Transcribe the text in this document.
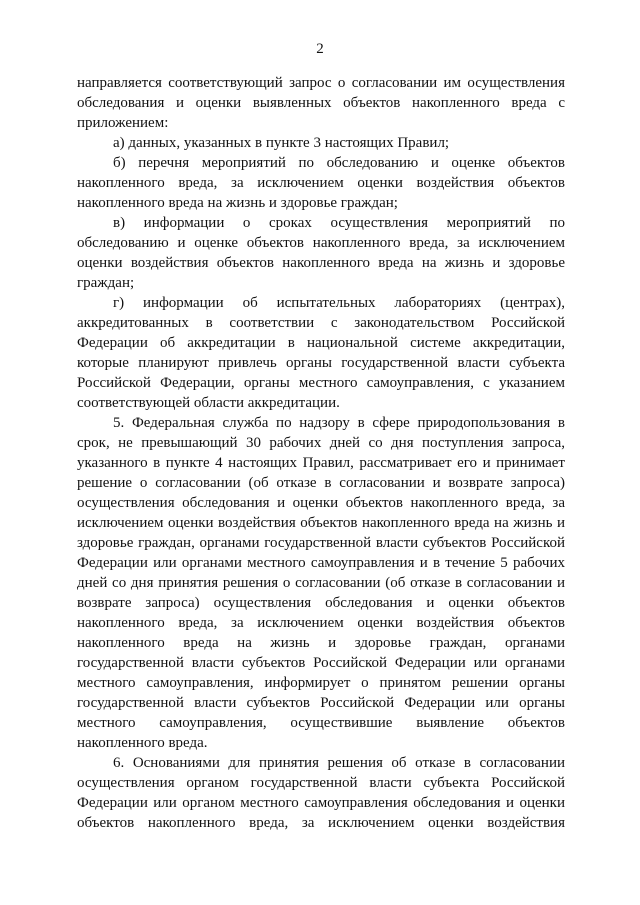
2

направляется соответствующий запрос о согласовании им осуществления обследования и оценки выявленных объектов накопленного вреда с приложением:

а) данных, указанных в пункте 3 настоящих Правил;

б) перечня мероприятий по обследованию и оценке объектов накопленного вреда, за исключением оценки воздействия объектов накопленного вреда на жизнь и здоровье граждан;

в) информации о сроках осуществления мероприятий по обследованию и оценке объектов накопленного вреда, за исключением оценки воздействия объектов накопленного вреда на жизнь и здоровье граждан;

г) информации об испытательных лабораториях (центрах), аккредитованных в соответствии с законодательством Российской Федерации об аккредитации в национальной системе аккредитации, которые планируют привлечь органы государственной власти субъекта Российской Федерации, органы местного самоуправления, с указанием соответствующей области аккредитации.

5. Федеральная служба по надзору в сфере природопользования в срок, не превышающий 30 рабочих дней со дня поступления запроса, указанного в пункте 4 настоящих Правил, рассматривает его и принимает решение о согласовании (об отказе в согласовании и возврате запроса) осуществления обследования и оценки объектов накопленного вреда, за исключением оценки воздействия объектов накопленного вреда на жизнь и здоровье граждан, органами государственной власти субъектов Российской Федерации или органами местного самоуправления и в течение 5 рабочих дней со дня принятия решения о согласовании (об отказе в согласовании и возврате запроса) осуществления обследования и оценки объектов накопленного вреда, за исключением оценки воздействия объектов накопленного вреда на жизнь и здоровье граждан, органами государственной власти субъектов Российской Федерации или органами местного самоуправления, информирует о принятом решении органы государственной власти субъектов Российской Федерации или органы местного самоуправления, осуществившие выявление объектов накопленного вреда.

6. Основаниями для принятия решения об отказе в согласовании осуществления органом государственной власти субъекта Российской Федерации или органом местного самоуправления обследования и оценки объектов накопленного вреда, за исключением оценки воздействия
